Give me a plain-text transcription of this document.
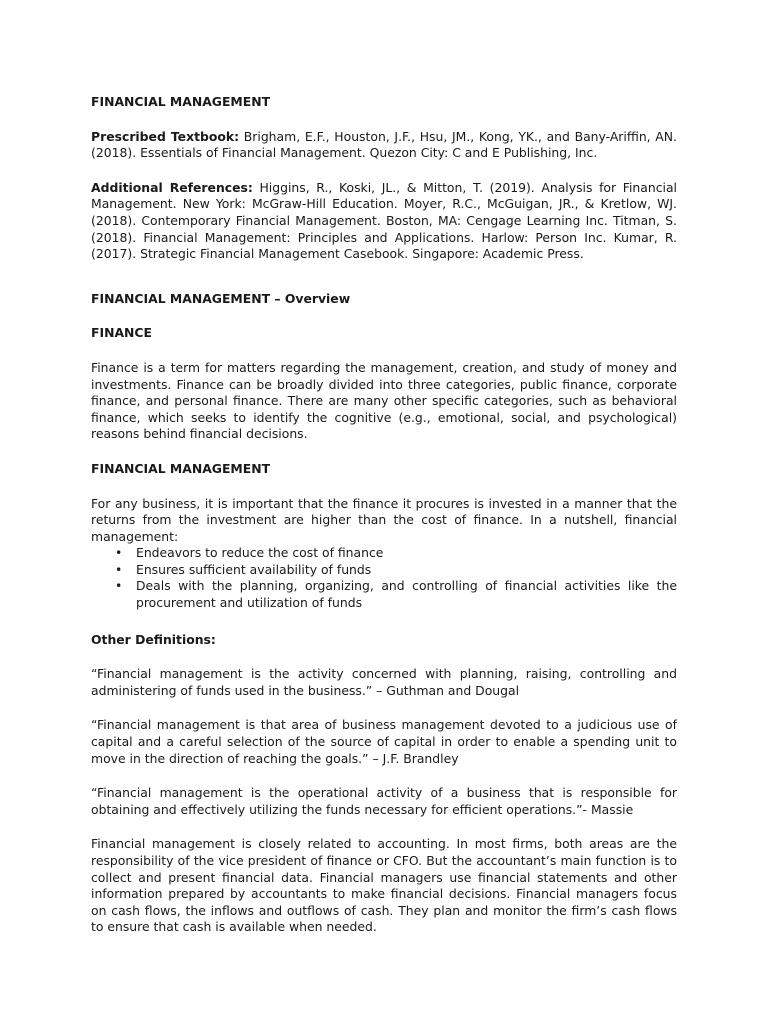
FINANCIAL MANAGEMENT

Prescribed Textbook: Brigham, E.F., Houston, J.F., Hsu, JM., Kong, YK., and Bany-Ariffin, AN. (2018). Essentials of Financial Management. Quezon City: C and E Publishing, Inc.

Additional References: Higgins, R., Koski, JL., & Mitton, T. (2019). Analysis for Financial Management. New York: McGraw-Hill Education. Moyer, R.C., McGuigan, JR., & Kretlow, WJ. (2018). Contemporary Financial Management. Boston, MA: Cengage Learning Inc. Titman, S. (2018). Financial Management: Principles and Applications. Harlow: Person Inc. Kumar, R. (2017). Strategic Financial Management Casebook. Singapore: Academic Press.

FINANCIAL MANAGEMENT – Overview

FINANCE

Finance is a term for matters regarding the management, creation, and study of money and investments. Finance can be broadly divided into three categories, public finance, corporate finance, and personal finance. There are many other specific categories, such as behavioral finance, which seeks to identify the cognitive (e.g., emotional, social, and psychological) reasons behind financial decisions.

FINANCIAL MANAGEMENT

For any business, it is important that the finance it procures is invested in a manner that the returns from the investment are higher than the cost of finance. In a nutshell, financial management:

• Endeavors to reduce the cost of finance
• Ensures sufficient availability of funds
• Deals with the planning, organizing, and controlling of financial activities like the procurement and utilization of funds

Other Definitions:

“Financial management is the activity concerned with planning, raising, controlling and administering of funds used in the business.” – Guthman and Dougal

“Financial management is that area of business management devoted to a judicious use of capital and a careful selection of the source of capital in order to enable a spending unit to move in the direction of reaching the goals.” – J.F. Brandley

“Financial management is the operational activity of a business that is responsible for obtaining and effectively utilizing the funds necessary for efficient operations.”- Massie

Financial management is closely related to accounting. In most firms, both areas are the responsibility of the vice president of finance or CFO. But the accountant’s main function is to collect and present financial data. Financial managers use financial statements and other information prepared by accountants to make financial decisions. Financial managers focus on cash flows, the inflows and outflows of cash. They plan and monitor the firm’s cash flows to ensure that cash is available when needed.
